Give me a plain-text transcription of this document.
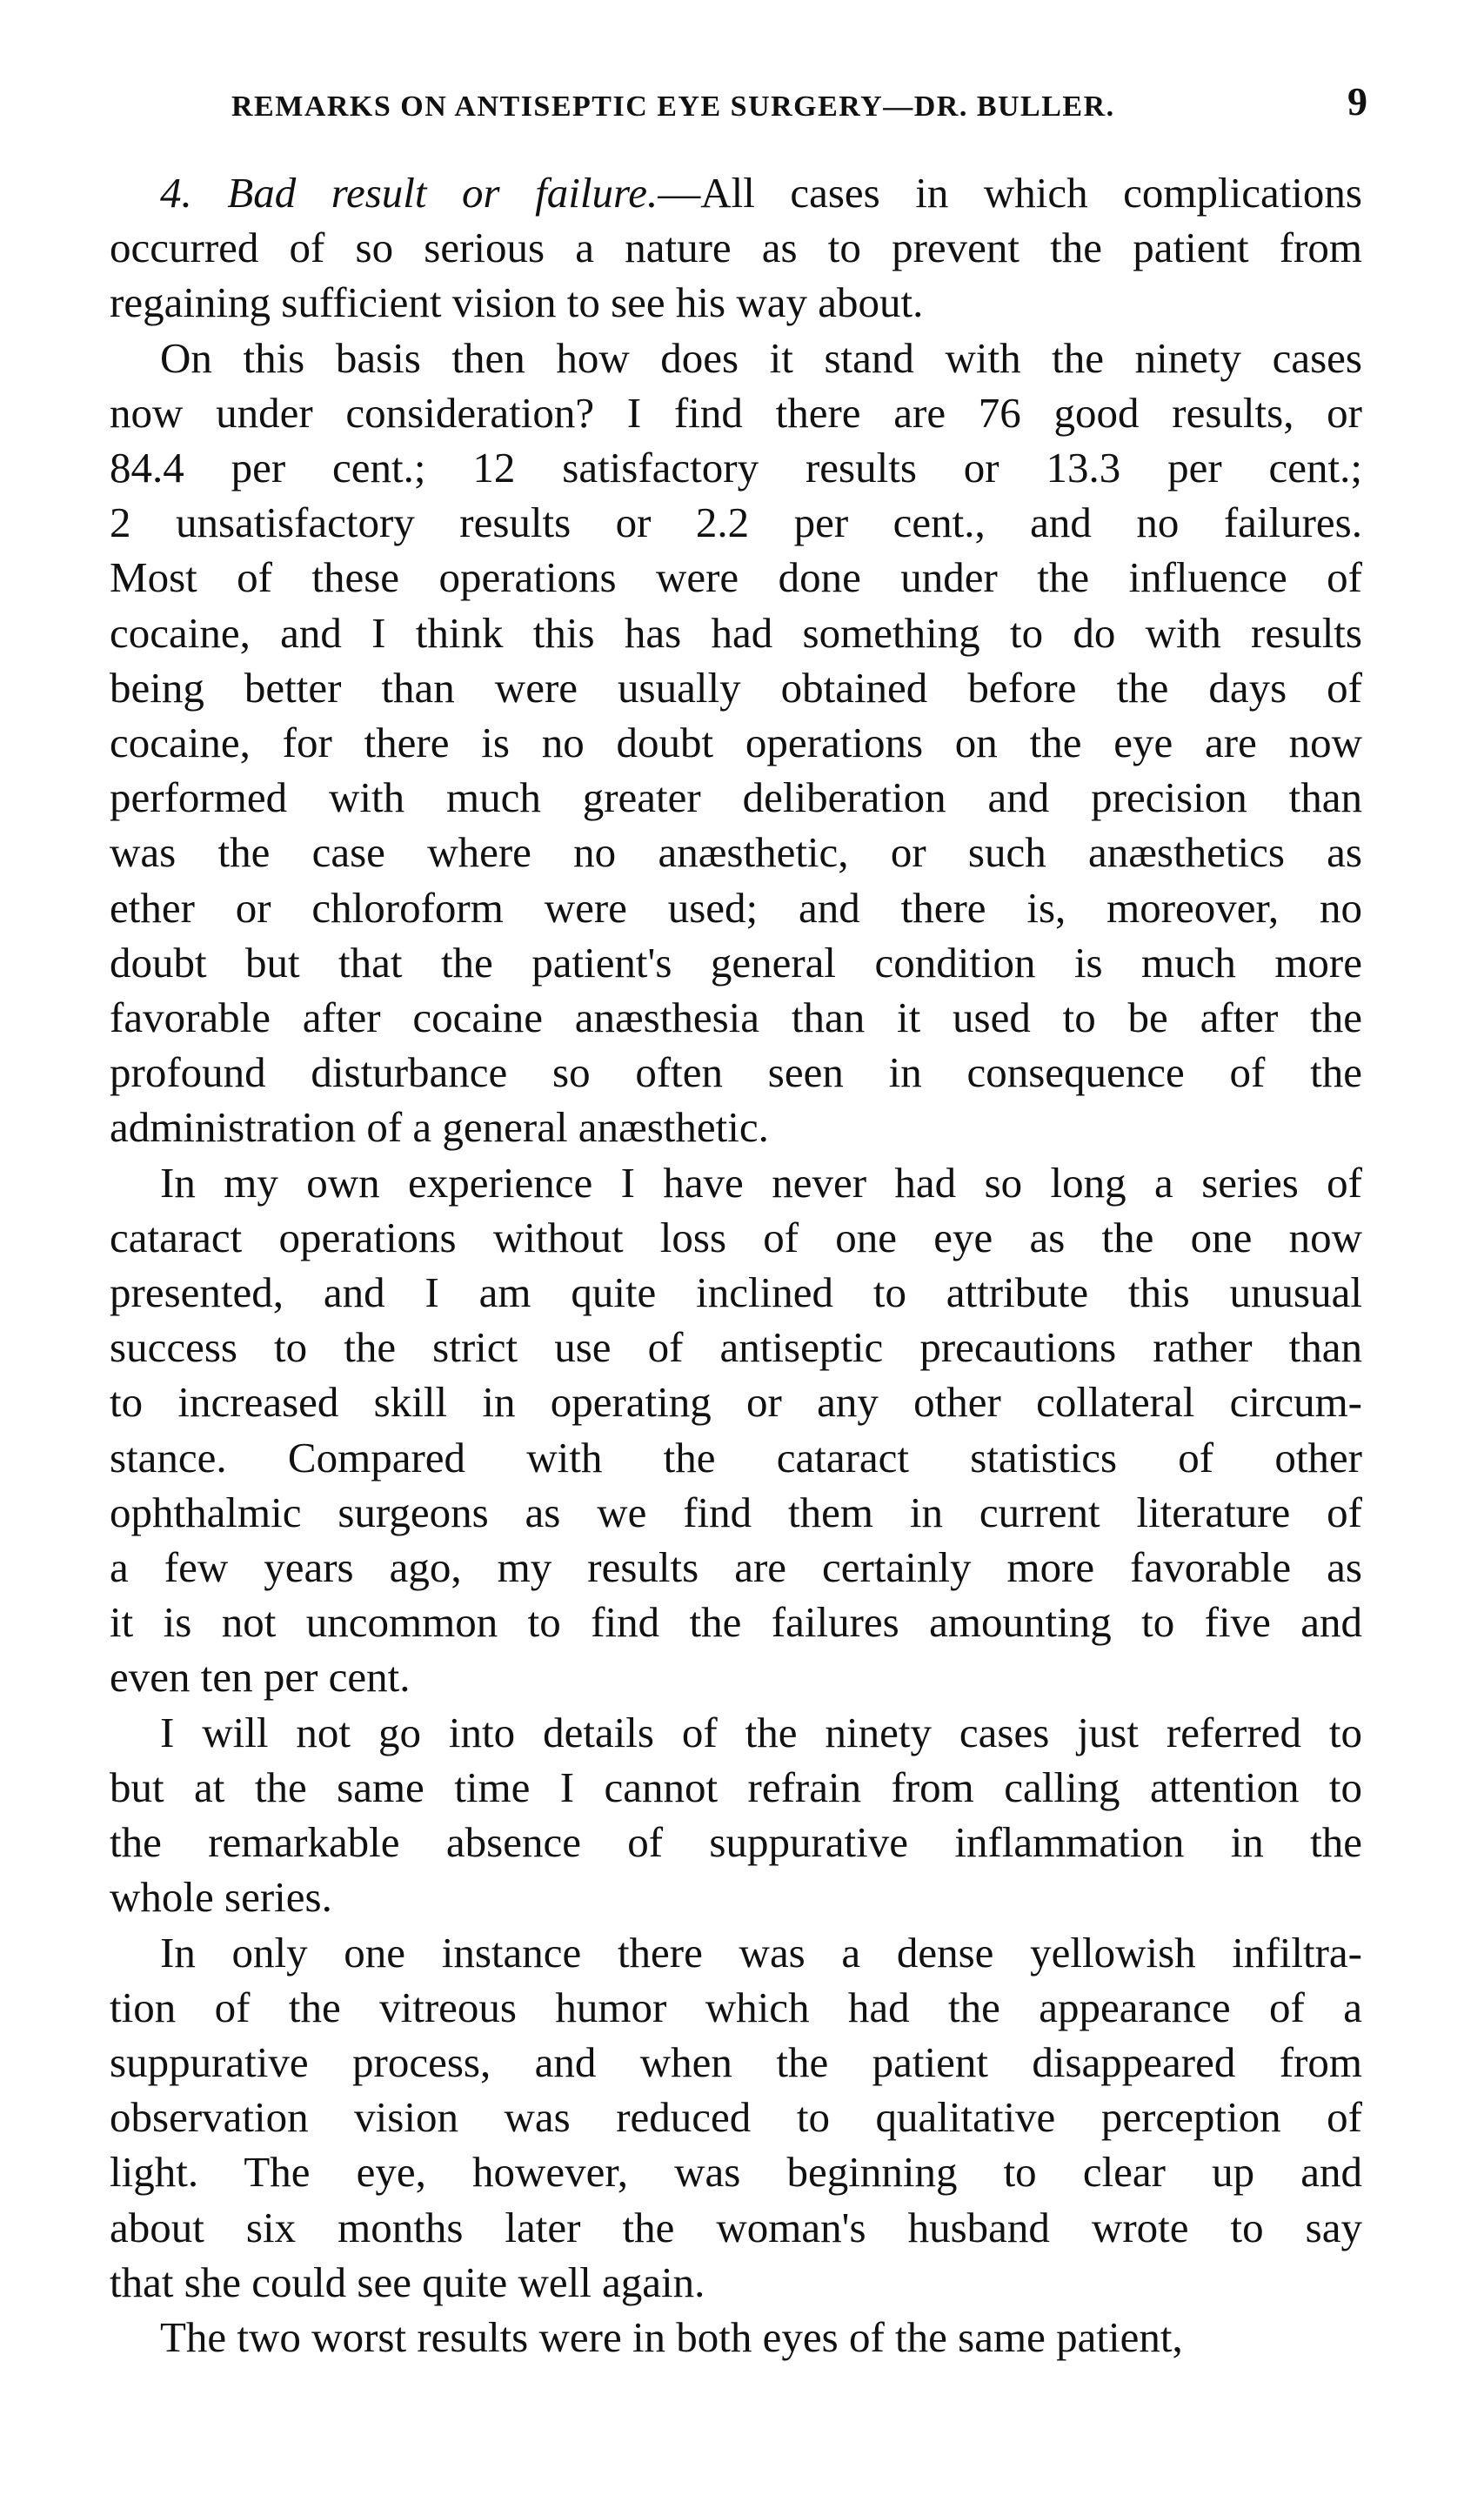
REMARKS ON ANTISEPTIC EYE SURGERY—DR. BULLER.	9

4. Bad result or failure.—All cases in which complications
occurred of so serious a nature as to prevent the patient from
regaining sufficient vision to see his way about.

On this basis then how does it stand with the ninety cases
now under consideration? I find there are 76 good results, or
84.4 per cent.; 12 satisfactory results or 13.3 per cent.;
2 unsatisfactory results or 2.2 per cent., and no failures.
Most of these operations were done under the influence of
cocaine, and I think this has had something to do with results
being better than were usually obtained before the days of
cocaine, for there is no doubt operations on the eye are now
performed with much greater deliberation and precision than
was the case where no anæsthetic, or such anæsthetics as
ether or chloroform were used; and there is, moreover, no
doubt but that the patient's general condition is much more
favorable after cocaine anæsthesia than it used to be after the
profound disturbance so often seen in consequence of the
administration of a general anæsthetic.

In my own experience I have never had so long a series of
cataract operations without loss of one eye as the one now
presented, and I am quite inclined to attribute this unusual
success to the strict use of antiseptic precautions rather than
to increased skill in operating or any other collateral circum-
stance. Compared with the cataract statistics of other
ophthalmic surgeons as we find them in current literature of
a few years ago, my results are certainly more favorable as
it is not uncommon to find the failures amounting to five and
even ten per cent.

I will not go into details of the ninety cases just referred to
but at the same time I cannot refrain from calling attention to
the remarkable absence of suppurative inflammation in the
whole series.

In only one instance there was a dense yellowish infiltra-
tion of the vitreous humor which had the appearance of a
suppurative process, and when the patient disappeared from
observation vision was reduced to qualitative perception of
light. The eye, however, was beginning to clear up and
about six months later the woman's husband wrote to say
that she could see quite well again.

The two worst results were in both eyes of the same patient,
